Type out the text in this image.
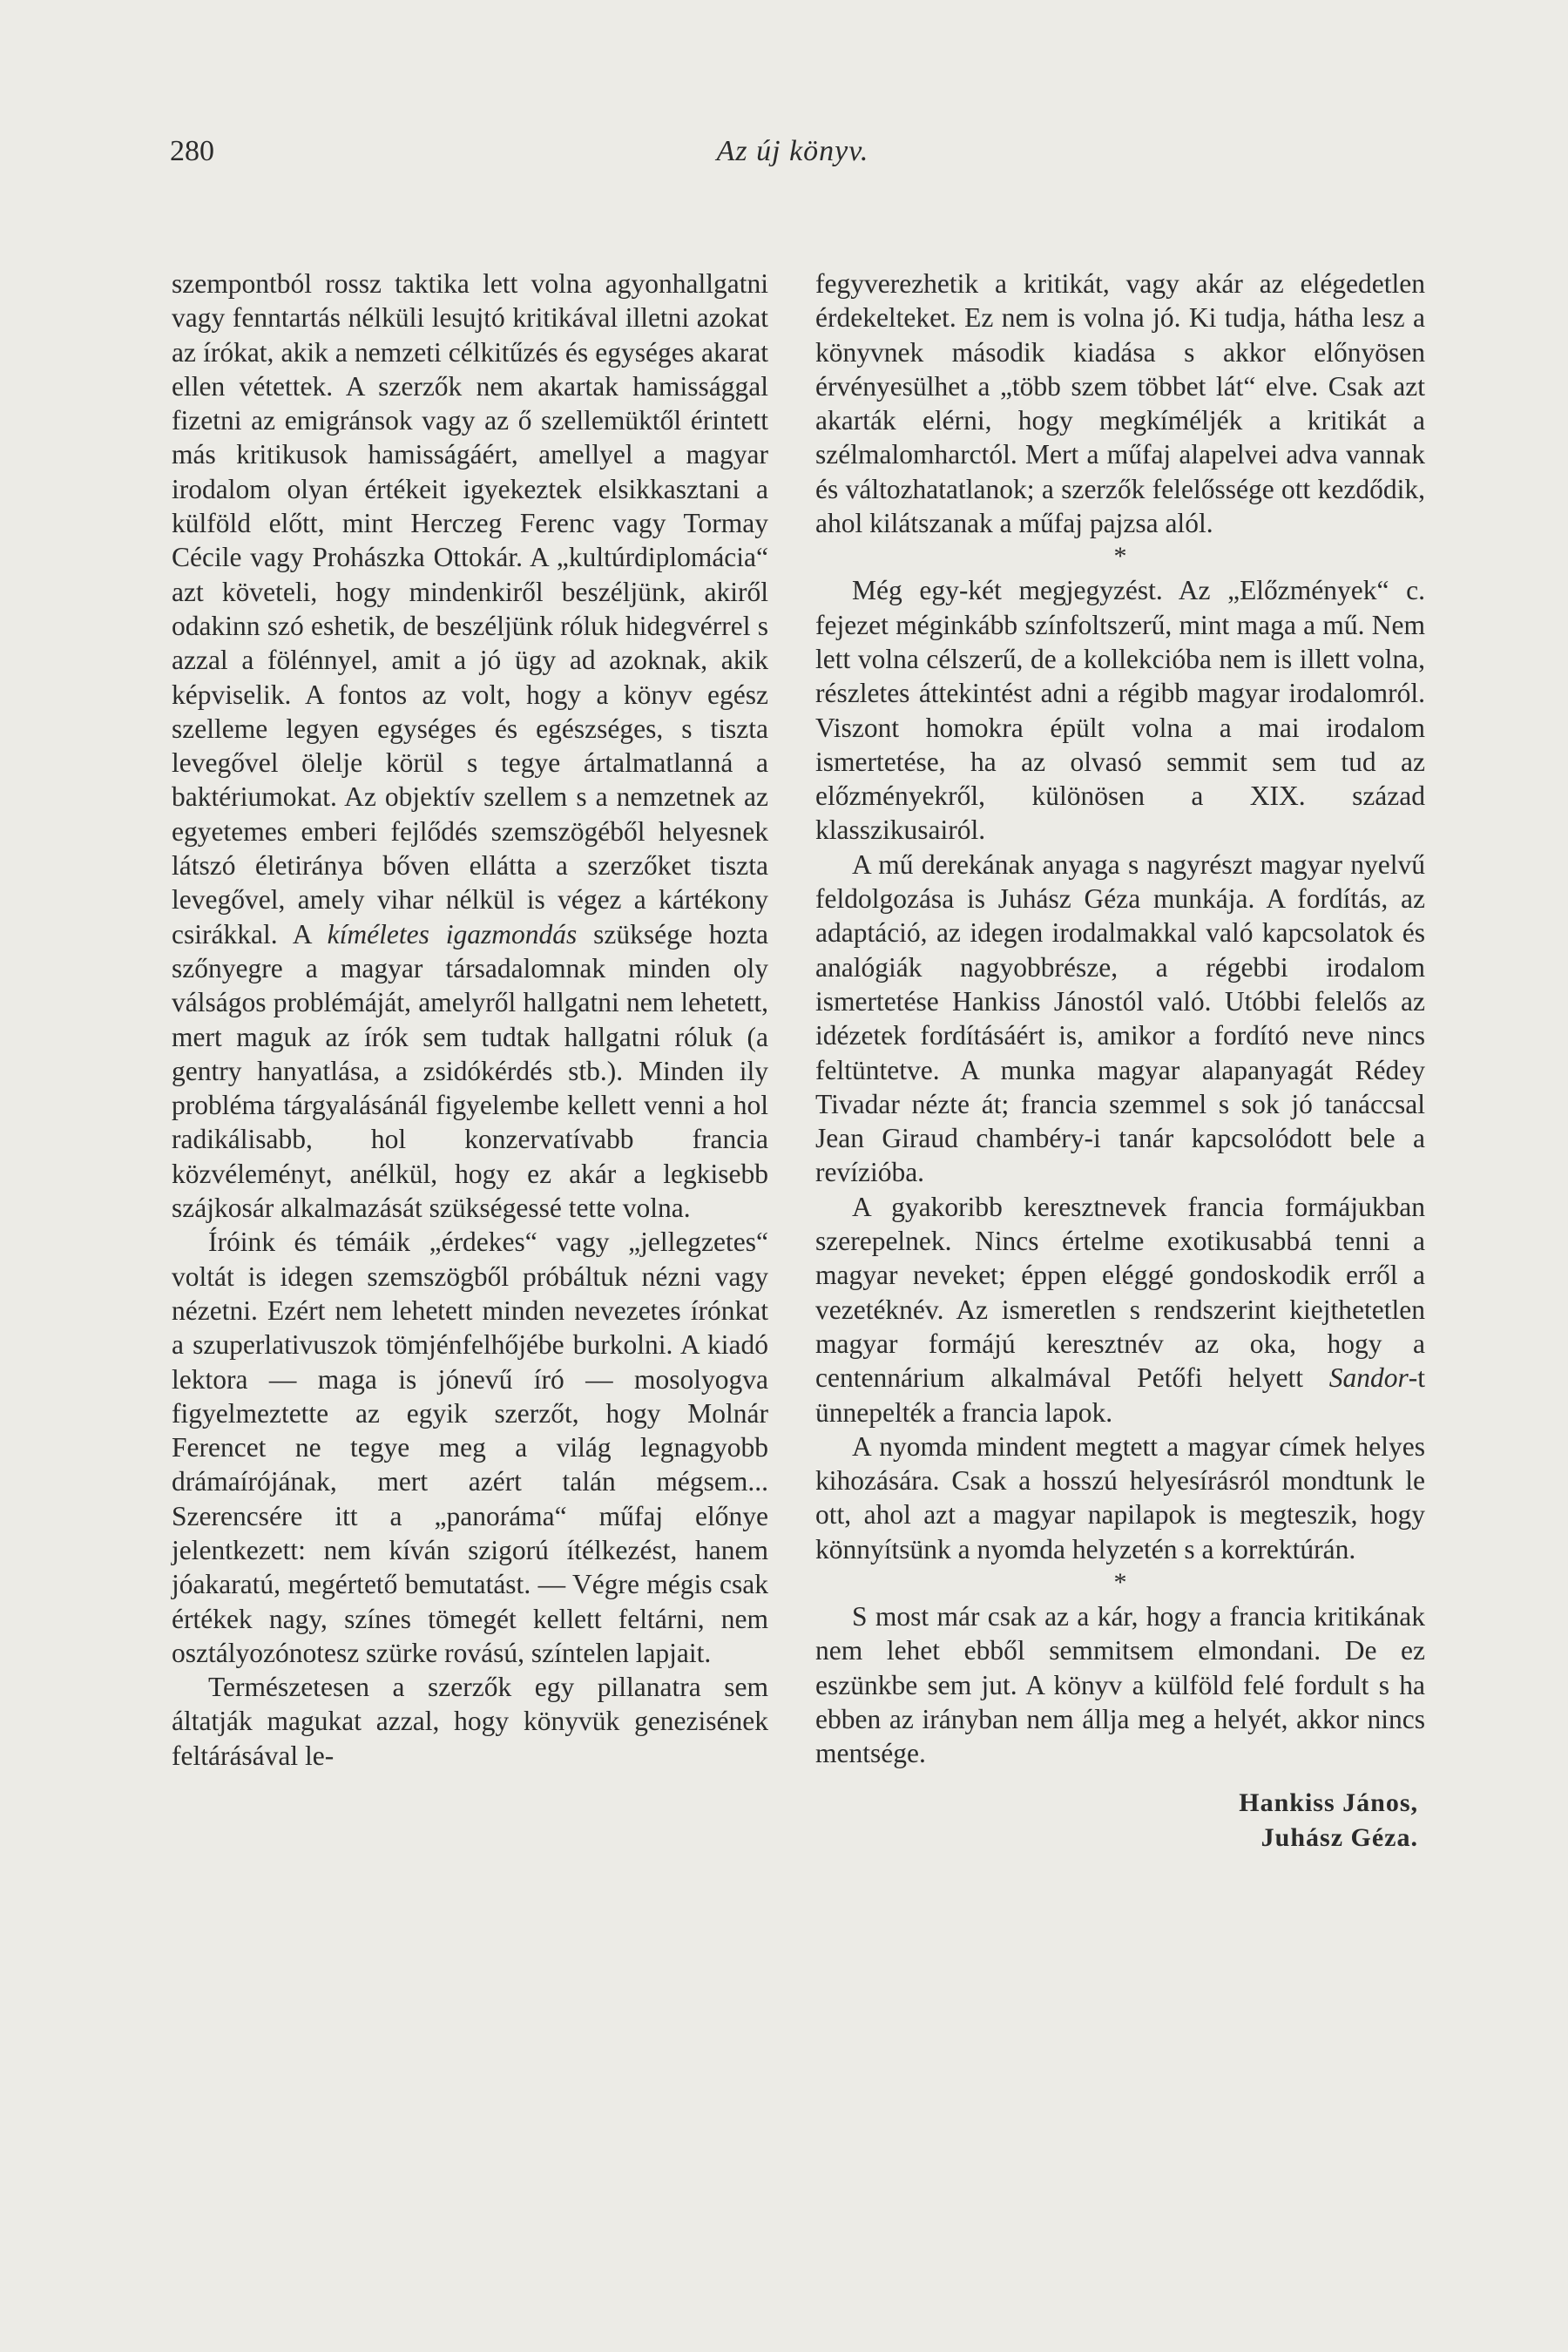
280	Az új könyv.

szempontból rossz taktika lett volna agyonhallgatni vagy fenntartás nélküli lesujtó kritikával illetni azokat az írókat, akik a nemzeti célkitűzés és egységes akarat ellen vétettek. A szerzők nem akartak hamissággal fizetni az emigránsok vagy az ő szellemüktől érintett más kritikusok hamisságáért, amellyel a magyar irodalom olyan értékeit igyekeztek elsikkasztani a külföld előtt, mint Herczeg Ferenc vagy Tormay Cécile vagy Prohászka Ottokár. A „kultúrdiplomácia“ azt követeli, hogy mindenkiről beszéljünk, akiről odakinn szó eshetik, de beszéljünk róluk hidegvérrel s azzal a fölénnyel, amit a jó ügy ad azoknak, akik képviselik. A fontos az volt, hogy a könyv egész szelleme legyen egységes és egészséges, s tiszta levegővel ölelje körül s tegye ártalmatlanná a baktériumokat. Az objektív szellem s a nemzetnek az egyetemes emberi fejlődés szemszögéből helyesnek látszó életiránya bőven ellátta a szerzőket tiszta levegővel, amely vihar nélkül is végez a kártékony csirákkal. A kíméletes igazmondás szüksége hozta szőnyegre a magyar társadalomnak minden oly válságos problémáját, amelyről hallgatni nem lehetett, mert maguk az írók sem tudtak hallgatni róluk (a gentry hanyatlása, a zsidókérdés stb.). Minden ily probléma tárgyalásánál figyelembe kellett venni a hol radikálisabb, hol konzervatívabb francia közvéleményt, anélkül, hogy ez akár a legkisebb szájkosár alkalmazását szükségessé tette volna.

Íróink és témáik „érdekes“ vagy „jellegzetes“ voltát is idegen szemszögből próbáltuk nézni vagy nézetni. Ezért nem lehetett minden nevezetes írónkat a szuperlativuszok tömjénfelhőjébe burkolni. A kiadó lektora — maga is jónevű író — mosolyogva figyelmeztette az egyik szerzőt, hogy Molnár Ferencet ne tegye meg a világ legnagyobb drámaírójának, mert azért talán mégsem... Szerencsére itt a „panoráma“ műfaj előnye jelentkezett: nem kíván szigorú ítélkezést, hanem jóakaratú, megértető bemutatást. — Végre mégis csak értékek nagy, színes tömegét kellett feltárni, nem osztályozónotesz szürke rovású, színtelen lapjait.

Természetesen a szerzők egy pillanatra sem áltatják magukat azzal, hogy könyvük genezisének feltárásával le-

fegyverezhetik a kritikát, vagy akár az elégedetlen érdekelteket. Ez nem is volna jó. Ki tudja, hátha lesz a könyvnek második kiadása s akkor előnyösen érvényesülhet a „több szem többet lát“ elve. Csak azt akarták elérni, hogy megkíméljék a kritikát a szélmalomharctól. Mert a műfaj alapelvei adva vannak és változhatatlanok; a szerzők felelőssége ott kezdődik, ahol kilátszanak a műfaj pajzsa alól.

*

Még egy-két megjegyzést. Az „Előzmények“ c. fejezet méginkább színfoltszerű, mint maga a mű. Nem lett volna célszerű, de a kollekcióba nem is illett volna, részletes áttekintést adni a régibb magyar irodalomról. Viszont homokra épült volna a mai irodalom ismertetése, ha az olvasó semmit sem tud az előzményekről, különösen a XIX. század klasszikusairól.

A mű derekának anyaga s nagyrészt magyar nyelvű feldolgozása is Juhász Géza munkája. A fordítás, az adaptáció, az idegen irodalmakkal való kapcsolatok és analógiák nagyobbrésze, a régebbi irodalom ismertetése Hankiss Jánostól való. Utóbbi felelős az idézetek fordításáért is, amikor a fordító neve nincs feltüntetve. A munka magyar alapanyagát Rédey Tivadar nézte át; francia szemmel s sok jó tanáccsal Jean Giraud chambéry-i tanár kapcsolódott bele a revízióba.

A gyakoribb keresztnevek francia formájukban szerepelnek. Nincs értelme exotikusabbá tenni a magyar neveket; éppen eléggé gondoskodik erről a vezetéknév. Az ismeretlen s rendszerint kiejthetetlen magyar formájú keresztnév az oka, hogy a centennárium alkalmával Petőfi helyett Sandor-t ünnepelték a francia lapok.

A nyomda mindent megtett a magyar címek helyes kihozására. Csak a hosszú helyesírásról mondtunk le ott, ahol azt a magyar napilapok is megteszik, hogy könnyítsünk a nyomda helyzetén s a korrektúrán.

*

S most már csak az a kár, hogy a francia kritikának nem lehet ebből semmitsem elmondani. De ez eszünkbe sem jut. A könyv a külföld felé fordult s ha ebben az irányban nem állja meg a helyét, akkor nincs mentsége.

Hankiss János,
Juhász Géza.
